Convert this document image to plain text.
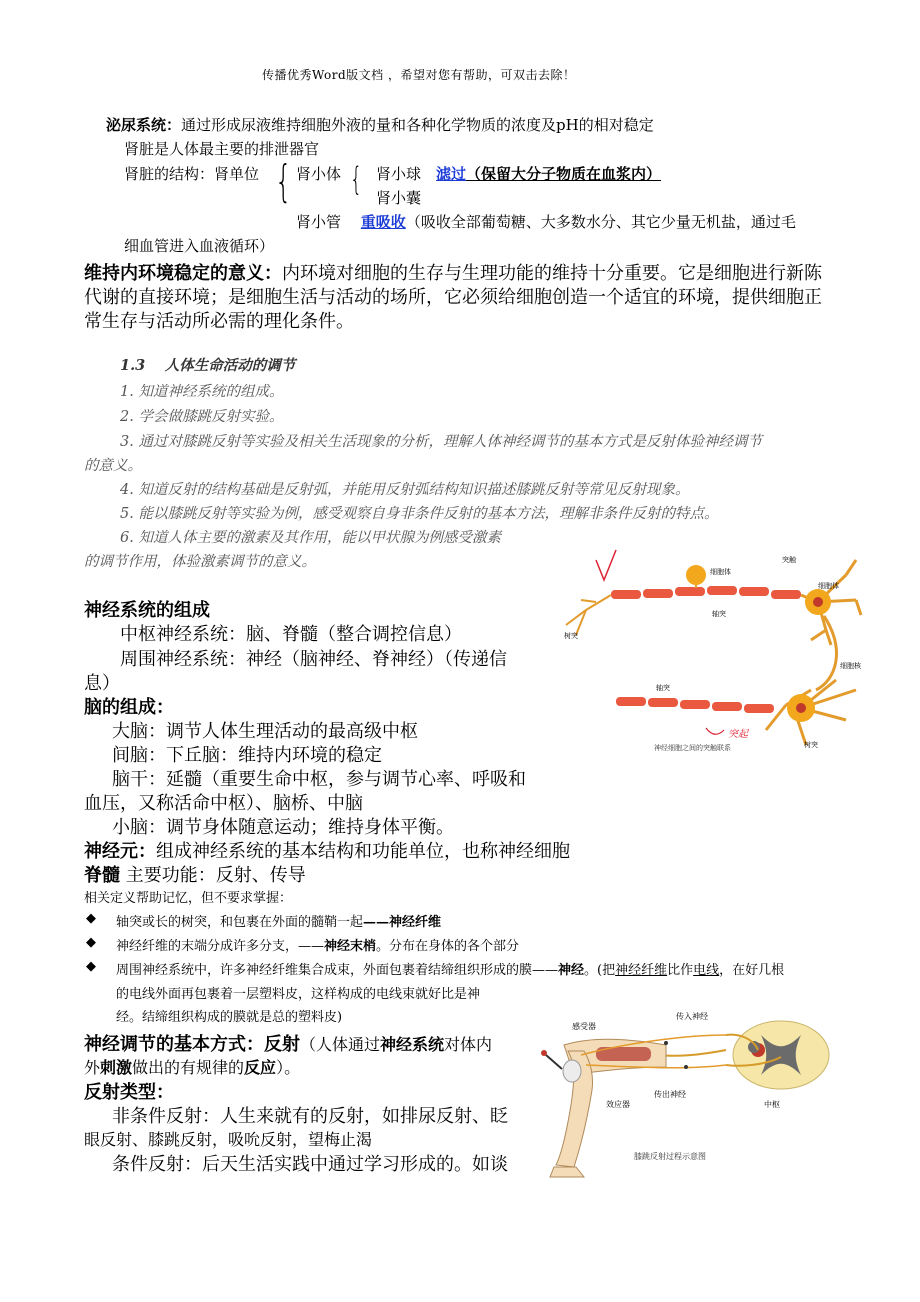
传播优秀Word版文档 ，希望对您有帮助，可双击去除！
泌尿系统：通过形成尿液维持细胞外液的量和各种化学物质的浓度及pH的相对稳定
肾脏是人体最主要的排泄器官
肾脏的结构：肾单位 { 肾小体 { 肾小球　 滤过（保留大分子物质在血浆内）
肾小囊
肾小管　 重吸收（吸收全部葡萄糖、大多数水分、其它少量无机盐，通过毛
细血管进入血液循环）
维持内环境稳定的意义：内环境对细胞的生存与生理功能的维持十分重要。它是细胞进行新陈
代谢的直接环境；是细胞生活与活动的场所，它必须给细胞创造一个适宜的环境，提供细胞正
常生存与活动所必需的理化条件。
1.3　 人体生命活动的调节
1. 知道神经系统的组成。
2. 学会做膝跳反射实验。
3. 通过对膝跳反射等实验及相关生活现象的分析，理解人体神经调节的基本方式是反射体验神经调节
的意义。
4. 知道反射的结构基础是反射弧，并能用反射弧结构知识描述膝跳反射等常见反射现象。
5. 能以膝跳反射等实验为例，感受观察自身非条件反射的基本方法，理解非条件反射的特点。
6. 知道人体主要的激素及其作用，能以甲状腺为例感受激素
的调节作用，体验激素调节的意义。
神经系统的组成
中枢神经系统：脑、脊髓（整合调控信息）
周围神经系统：神经（脑神经、脊神经）（传递信
息）
脑的组成：
大脑：调节人体生理活动的最高级中枢
间脑：下丘脑：维持内环境的稳定
脑干：延髓（重要生命中枢，参与调节心率、呼吸和
血压，又称活命中枢）、脑桥、中脑
小脑：调节身体随意运动；维持身体平衡。
神经元：组成神经系统的基本结构和功能单位，也称神经细胞
脊髓 主要功能：反射、传导
相关定义帮助记忆，但不要求掌握：
◆ 轴突或长的树突，和包裹在外面的髓鞘一起——神经纤维
◆ 神经纤维的末端分成许多分支，——神经末梢。分布在身体的各个部分
◆ 周围神经系统中，许多神经纤维集合成束，外面包裹着结缔组织形成的膜——神经。(把神经纤维比作电线，在好几根
的电线外面再包裹着一层塑料皮，这样构成的电线束就好比是神
经。结缔组织构成的膜就是总的塑料皮)
神经调节的基本方式：反射（人体通过神经系统对体内
外刺激做出的有规律的反应）。
反射类型：
非条件反射：人生来就有的反射，如排尿反射、眨
眼反射、膝跳反射，吸吮反射，望梅止渴
条件反射：后天生活实践中通过学习形成的。如谈
突触
细胞体
细胞体
轴突
树突
轴突
细胞核
树突
突起
神经细胞之间的突触联系
传入神经
感受器
效应器
传出神经
中枢
膝跳反射过程示意图
